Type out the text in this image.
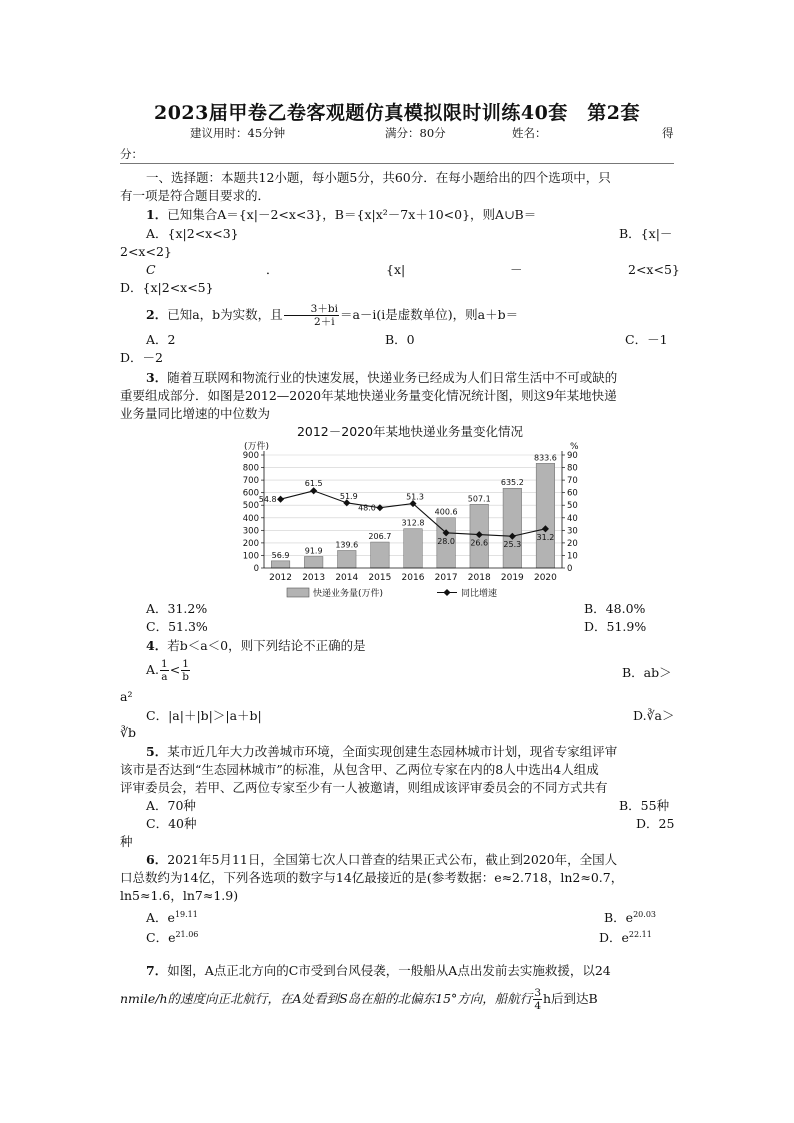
2023届甲卷乙卷客观题仿真模拟限时训练40套　第2套
建议用时：45分钟	满分：80分	姓名：	得
分：
一、选择题：本题共12小题，每小题5分，共60分．在每小题给出的四个选项中，只
有一项是符合题目要求的．
1．已知集合A＝{x|－2<x<3}，B＝{x|x²－7x＋10<0}，则A∪B＝
A．{x|2<x<3}	B．{x|－
2<x<2}
C	．	{x|	－	2<x<5}
D．{x|2<x<5}
2．已知a，b为实数，且 $\frac{3+bi}{2+i} =a-i(i$是虚数单位)，则a＋b＝
A．2	B．0	C．－1
D．－2
3．随着互联网和物流行业的快速发展，快递业务已经成为人们日常生活中不可或缺的
重要组成部分．如图是2012—2020年某地快递业务量变化情况统计图，则这9年某地快递
业务量同比增速的中位数为
2012－2020年某地快递业务量变化情况
(万件)	%
56.9 91.9
139.6
206.7
312.8
400.6
507.1
635.2
833.6
54.8
61.5
51.9
48.0
51.3
28.0 26.6 25.3
31.2
0
100
200
300
400
500
600
700
800
900
0
10
20
30
40
50
60
70
80
90
2012 2013 2014 2015 2016 2017 2018 2019 2020
快递业务量(万件)	同比增速
A．31.2%	B．48.0%
C．51.3%	D．51.9%
4．若b＜a＜0，则下列结论不正确的是
A. $\frac{1}{a} < \frac{1}{b}$	B．ab＞
a²
C．|a|＋|b|＞|a＋b|	D.∛a＞
∛b
5．某市近几年大力改善城市环境，全面实现创建生态园林城市计划，现省专家组评审
该市是否达到“生态园林城市”的标准，从包含甲、乙两位专家在内的8人中选出4人组成
评审委员会，若甲、乙两位专家至少有一人被邀请，则组成该评审委员会的不同方式共有
A．70种	B．55种
C．40种	D．25
种
6．2021年5月11日，全国第七次人口普查的结果正式公布，截止到2020年，全国人
口总数约为14亿，下列各选项的数字与14亿最接近的是(参考数据：e≈2.718，ln2≈0.7，
ln5≈1.6，ln7≈1.9)
A．$e^{19.11}$	B．$e^{20.03}$
C．$e^{21.06}$	D．$e^{22.11}$
7．如图，A点正北方向的C市受到台风侵袭，一般船从A点出发前去实施救援，以24
nmile/h的速度向正北航行，在A处看到S岛在船的北偏东15°方向，船航行 $\frac{3}{4}$ h后到达B
